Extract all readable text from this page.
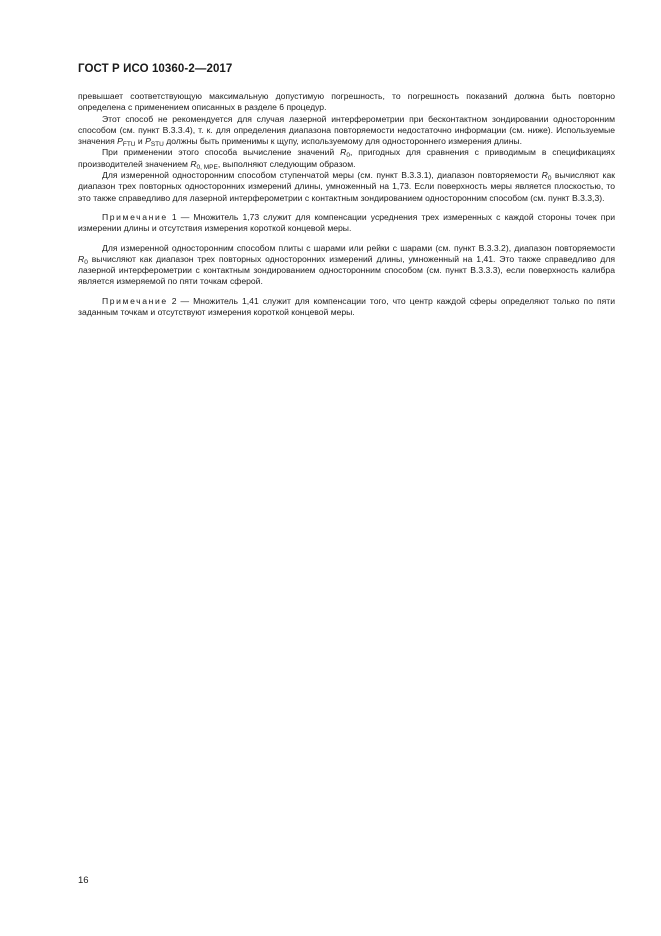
ГОСТ Р ИСО 10360-2—2017

превышает соответствующую максимальную допустимую погрешность, то погрешность показаний должна быть повторно определена с применением описанных в разделе 6 процедур.

Этот способ не рекомендуется для случая лазерной интерферометрии при бесконтактном зондировании односторонним способом (см. пункт В.3.3.4), т. к. для определения диапазона повторяемости недостаточно информации (см. ниже). Используемые значения $P_{FTU}$ и $P_{STU}$ должны быть применимы к щупу, используемому для одностороннего измерения длины.

При применении этого способа вычисление значений $R_0$, пригодных для сравнения с приводимым в спецификациях производителей значением $R_{0, MPE}$, выполняют следующим образом.

Для измеренной односторонним способом ступенчатой меры (см. пункт В.3.3.1), диапазон повторяемости $R_0$ вычисляют как диапазон трех повторных односторонних измерений длины, умноженный на 1,73. Если поверхность меры является плоскостью, то это также справедливо для лазерной интерферометрии с контактным зондированием односторонним способом (см. пункт В.3.3,3).

Примечание 1 — Множитель 1,73 служит для компенсации усреднения трех измеренных с каждой стороны точек при измерении длины и отсутствия измерения короткой концевой меры.

Для измеренной односторонним способом плиты с шарами или рейки с шарами (см. пункт В.3.3.2), диапазон повторяемости $R_0$ вычисляют как диапазон трех повторных односторонних измерений длины, умноженный на 1,41. Это также справедливо для лазерной интерферометрии с контактным зондированием односторонним способом (см. пункт В.3.3.3), если поверхность калибра является измеряемой по пяти точкам сферой.

Примечание 2 — Множитель 1,41 служит для компенсации того, что центр каждой сферы определяют только по пяти заданным точкам и отсутствуют измерения короткой концевой меры.

16
